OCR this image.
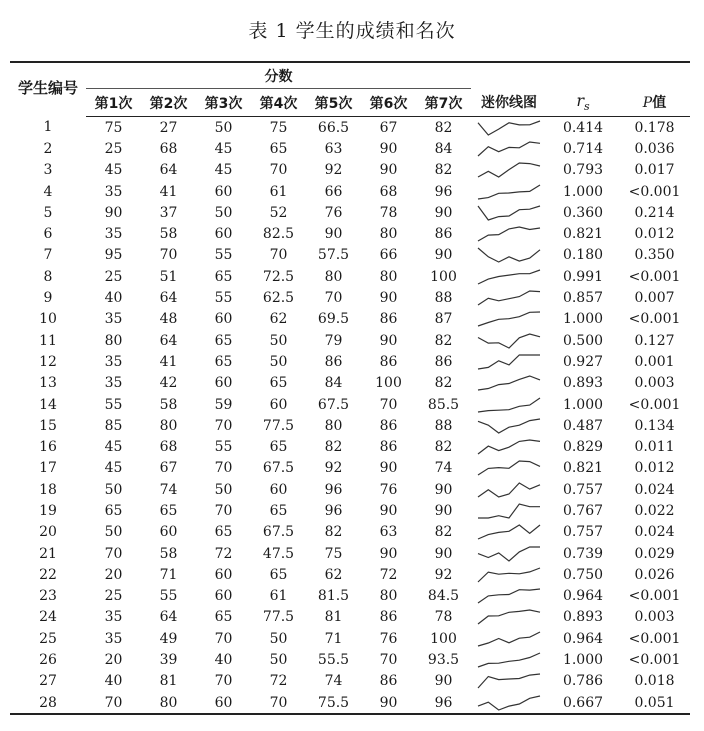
表 1 学生的成绩和名次
学生编号	分数									
	第1次	第2次	第3次	第4次	第5次	第6次	第7次	迷你线图	$r_s$	P值
1	75	27	50	75	66.5	67	82		0.414	0.178
2	25	68	45	65	63	90	84		0.714	0.036
3	45	64	45	70	92	90	82		0.793	0.017
4	35	41	60	61	66	68	96		1.000	<0.001
5	90	37	50	52	76	78	90		0.360	0.214
6	35	58	60	82.5	90	80	86		0.821	0.012
7	95	70	55	70	57.5	66	90		0.180	0.350
8	25	51	65	72.5	80	80	100		0.991	<0.001
9	40	64	55	62.5	70	90	88		0.857	0.007
10	35	48	60	62	69.5	86	87		1.000	<0.001
11	80	64	65	50	79	90	82		0.500	0.127
12	35	41	65	50	86	86	86		0.927	0.001
13	35	42	60	65	84	100	82		0.893	0.003
14	55	58	59	60	67.5	70	85.5		1.000	<0.001
15	85	80	70	77.5	80	86	88		0.487	0.134
16	45	68	55	65	82	86	82		0.829	0.011
17	45	67	70	67.5	92	90	74		0.821	0.012
18	50	74	50	60	96	76	90		0.757	0.024
19	65	65	70	65	96	90	90		0.767	0.022
20	50	60	65	67.5	82	63	82		0.757	0.024
21	70	58	72	47.5	75	90	90		0.739	0.029
22	20	71	60	65	62	72	92		0.750	0.026
23	25	55	60	61	81.5	80	84.5		0.964	<0.001
24	35	64	65	77.5	81	86	78		0.893	0.003
25	35	49	70	50	71	76	100		0.964	<0.001
26	20	39	40	50	55.5	70	93.5		1.000	<0.001
27	40	81	70	72	74	86	90		0.786	0.018
28	70	80	60	70	75.5	90	96		0.667	0.051
